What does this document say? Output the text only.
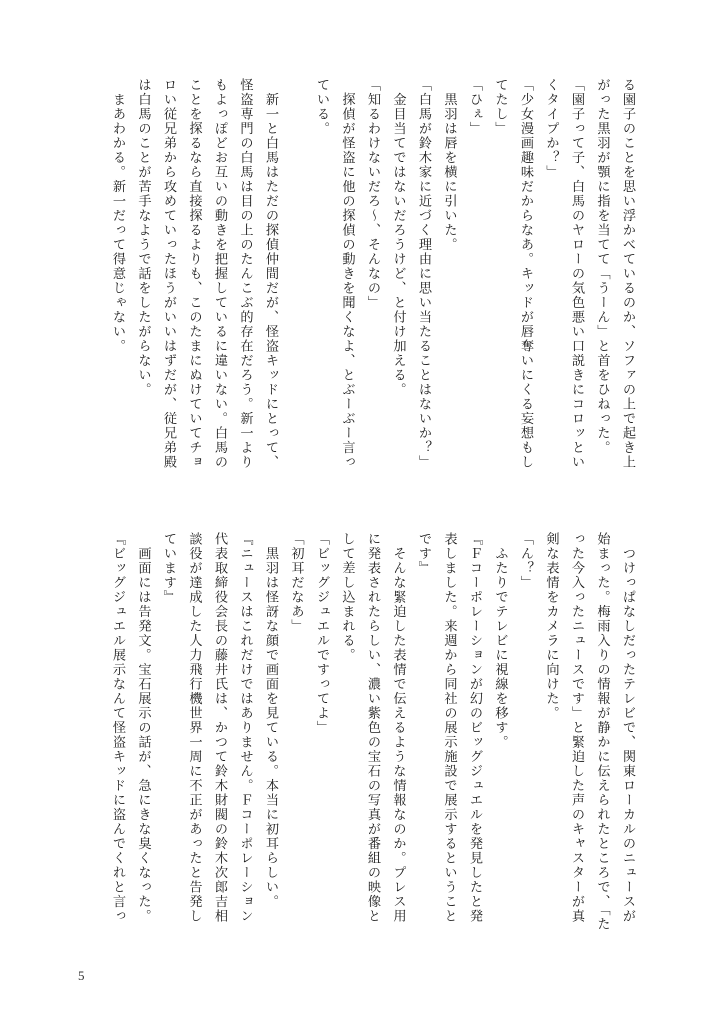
る園子のことを思い浮かべているのか、ソファの上で起き上

がった黒羽が顎に指を当てて「うーん」と首をひねった。

「園子って子、白馬のヤローの気色悪い口説きにコロッとい

くタイプか？」

「少女漫画趣味だからなあ。キッドが唇奪いにくる妄想もし

てたし」

「ひぇ」

　黒羽は唇を横に引いた。

「白馬が鈴木家に近づく理由に思い当たることはないか？」

　金目当てではないだろうけど、と付け加える。

「知るわけないだろ～、そんなの」

　探偵が怪盗に他の探偵の動きを聞くなよ、とぶーぶー言っ

ている。

　新一と白馬はただの探偵仲間だが、怪盗キッドにとって、

怪盗専門の白馬は目の上のたんこぶ的存在だろう。新一より

もよっぽどお互いの動きを把握しているに違いない。白馬の

ことを探るなら直接探るよりも、このたまにぬけていてチョ

ロい従兄弟から攻めていったほうがいいはずだが、従兄弟殿

は白馬のことが苦手なようで話をしたがらない。

　まあわかる。新一だって得意じゃない。

　つけっぱなしだったテレビで、関東ローカルのニュースが

始まった。梅雨入りの情報が静かに伝えられたところで、「た

った今入ったニュースです」と緊迫した声のキャスターが真

剣な表情をカメラに向けた。

「ん？」

　ふたりでテレビに視線を移す。

『Ｆコーポレーションが幻のビッグジュエルを発見したと発

表しました。来週から同社の展示施設で展示するということ

です』

　そんな緊迫した表情で伝えるような情報なのか。プレス用

に発表されたらしい、濃い紫色の宝石の写真が番組の映像と

して差し込まれる。

「ビッグジュエルですってよ」

「初耳だなあ」

　黒羽は怪訝な顔で画面を見ている。本当に初耳らしい。

『ニュースはこれだけではありません。Ｆコーポレーション

代表取締役会長の藤井氏は、かつて鈴木財閥の鈴木次郎吉相

談役が達成した人力飛行機世界一周に不正があったと告発し

ています』

　画面には告発文。宝石展示の話が、急にきな臭くなった。

『ビッグジュエル展示なんて怪盗キッドに盗んでくれと言っ

5
